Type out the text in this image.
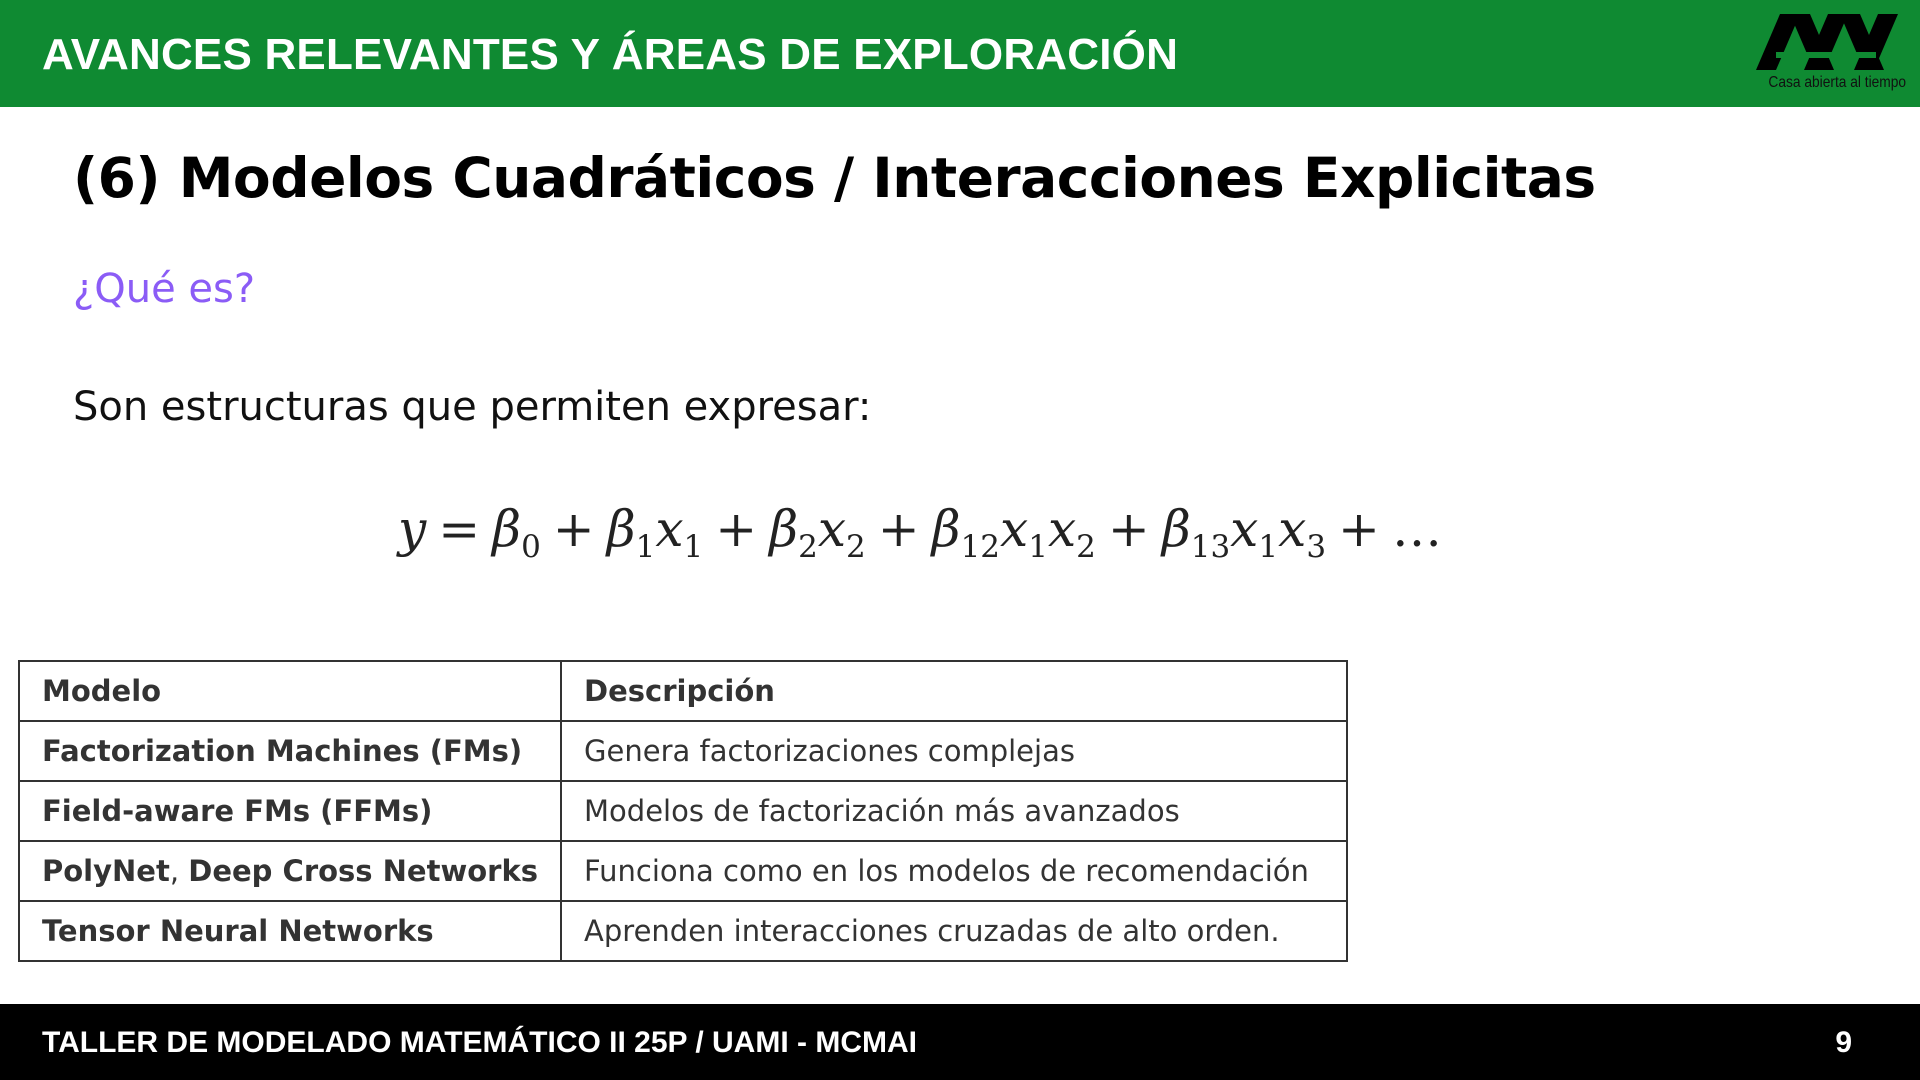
AVANCES RELEVANTES Y ÁREAS DE EXPLORACIÓN
Casa abierta al tiempo
(6) Modelos Cuadráticos / Interacciones Explicitas
¿Qué es?
Son estructuras que permiten expresar:
$y = \beta_0 + \beta_1x_1 + \beta_2x_2 + \beta_{12}x_1x_2 + \beta_{13}x_1x_3$ + …
Modelo	Descripción
Factorization Machines (FMs)	Genera factorizaciones complejas
Field-aware FMs (FFMs)	Modelos de factorización más avanzados
PolyNet, Deep Cross Networks	Funciona como en los modelos de recomendación
Tensor Neural Networks	Aprenden interacciones cruzadas de alto orden.
TALLER DE MODELADO MATEMÁTICO II 25P / UAMI - MCMAI	9
